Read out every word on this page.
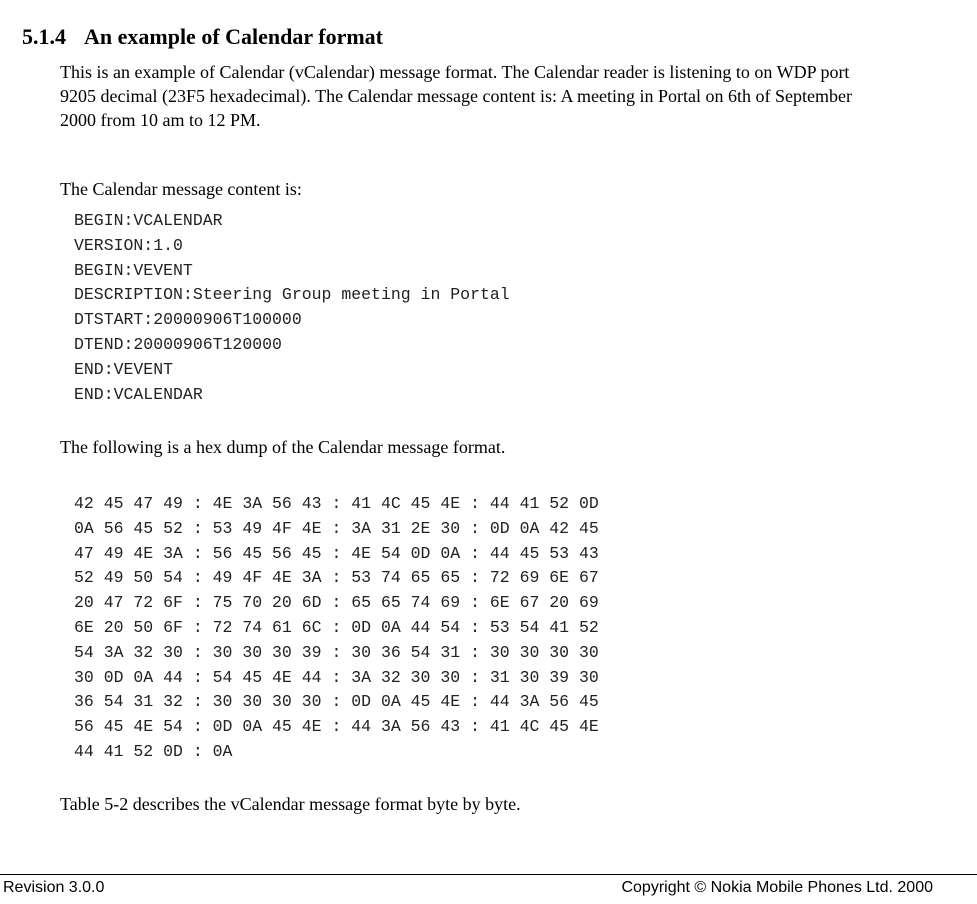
5.1.4 An example of Calendar format

This is an example of Calendar (vCalendar) message format. The Calendar reader is listening to on WDP port
9205 decimal (23F5 hexadecimal). The Calendar message content is: A meeting in Portal on 6th of September
2000 from 10 am to 12 PM.

The Calendar message content is:

BEGIN:VCALENDAR
VERSION:1.0
BEGIN:VEVENT
DESCRIPTION:Steering Group meeting in Portal
DTSTART:20000906T100000
DTEND:20000906T120000
END:VEVENT
END:VCALENDAR

The following is a hex dump of the Calendar message format.

42 45 47 49 : 4E 3A 56 43 : 41 4C 45 4E : 44 41 52 0D
0A 56 45 52 : 53 49 4F 4E : 3A 31 2E 30 : 0D 0A 42 45
47 49 4E 3A : 56 45 56 45 : 4E 54 0D 0A : 44 45 53 43
52 49 50 54 : 49 4F 4E 3A : 53 74 65 65 : 72 69 6E 67
20 47 72 6F : 75 70 20 6D : 65 65 74 69 : 6E 67 20 69
6E 20 50 6F : 72 74 61 6C : 0D 0A 44 54 : 53 54 41 52
54 3A 32 30 : 30 30 30 39 : 30 36 54 31 : 30 30 30 30
30 0D 0A 44 : 54 45 4E 44 : 3A 32 30 30 : 31 30 39 30
36 54 31 32 : 30 30 30 30 : 0D 0A 45 4E : 44 3A 56 45
56 45 4E 54 : 0D 0A 45 4E : 44 3A 56 43 : 41 4C 45 4E
44 41 52 0D : 0A

Table 5-2 describes the vCalendar message format byte by byte.

Revision 3.0.0	Copyright © Nokia Mobile Phones Ltd. 2000
